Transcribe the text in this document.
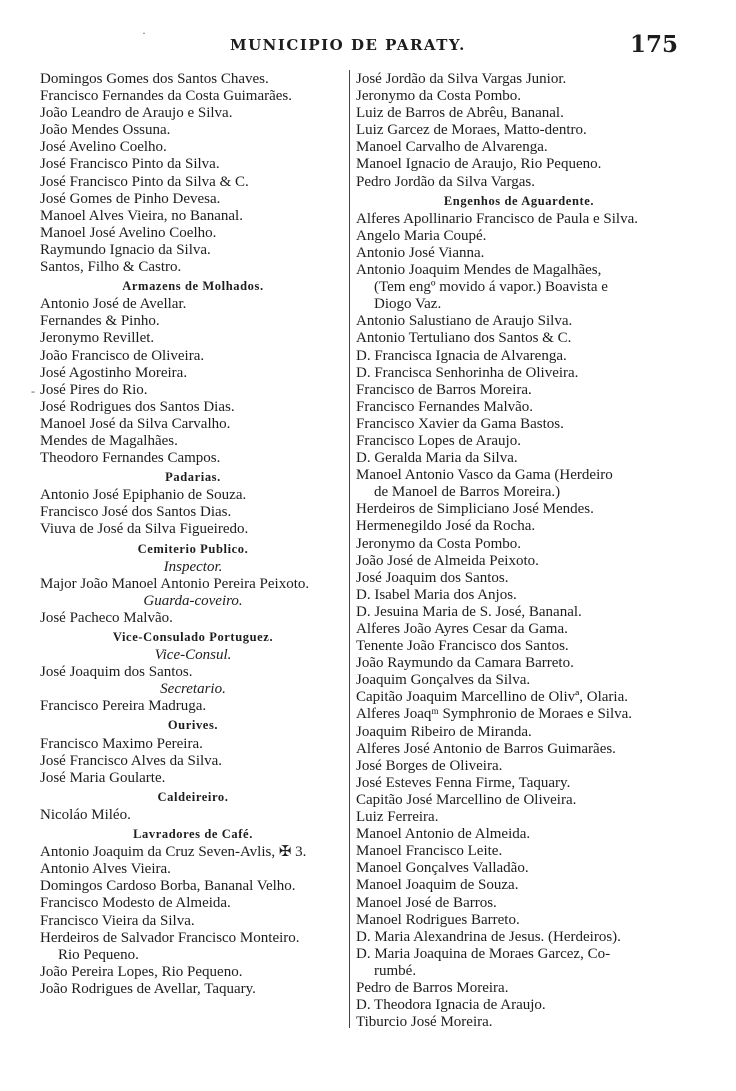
MUNICIPIO DE PARATY.	175
Domingos Gomes dos Santos Chaves.
Francisco Fernandes da Costa Guimarães.
João Leandro de Araujo e Silva.
João Mendes Ossuna.
José Avelino Coelho.
José Francisco Pinto da Silva.
José Francisco Pinto da Silva & C.
José Gomes de Pinho Devesa.
Manoel Alves Vieira, no Bananal.
Manoel José Avelino Coelho.
Raymundo Ignacio da Silva.
Santos, Filho & Castro.
Armazens de Molhados.
Antonio José de Avellar.
Fernandes & Pinho.
Jeronymo Revillet.
João Francisco de Oliveira.
José Agostinho Moreira.
José Pires do Rio.
José Rodrigues dos Santos Dias.
Manoel José da Silva Carvalho.
Mendes de Magalhães.
Theodoro Fernandes Campos.
Padarias.
Antonio José Epiphanio de Souza.
Francisco José dos Santos Dias.
Viuva de José da Silva Figueiredo.
Cemiterio Publico.
Inspector.
Major João Manoel Antonio Pereira Peixoto.
Guarda-coveiro.
José Pacheco Malvão.
Vice-Consulado Portuguez.
Vice-Consul.
José Joaquim dos Santos.
Secretario.
Francisco Pereira Madruga.
Ourives.
Francisco Maximo Pereira.
José Francisco Alves da Silva.
José Maria Goularte.
Caldeireiro.
Nicoláo Miléo.
Lavradores de Café.
Antonio Joaquim da Cruz Seven-Avlis, ✠ 3.
Antonio Alves Vieira.
Domingos Cardoso Borba, Bananal Velho.
Francisco Modesto de Almeida.
Francisco Vieira da Silva.
Herdeiros de Salvador Francisco Monteiro.
Rio Pequeno.
João Pereira Lopes, Rio Pequeno.
João Rodrigues de Avellar, Taquary.
José Jordão da Silva Vargas Junior.
Jeronymo da Costa Pombo.
Luiz de Barros de Abrêu, Bananal.
Luiz Garcez de Moraes, Matto-dentro.
Manoel Carvalho de Alvarenga.
Manoel Ignacio de Araujo, Rio Pequeno.
Pedro Jordão da Silva Vargas.
Engenhos de Aguardente.
Alferes Apollinario Francisco de Paula e Silva.
Angelo Maria Coupé.
Antonio José Vianna.
Antonio Joaquim Mendes de Magalhães,
(Tem engº movido á vapor.) Boavista e
Diogo Vaz.
Antonio Salustiano de Araujo Silva.
Antonio Tertuliano dos Santos & C.
D. Francisca Ignacia de Alvarenga.
D. Francisca Senhorinha de Oliveira.
Francisco de Barros Moreira.
Francisco Fernandes Malvão.
Francisco Xavier da Gama Bastos.
Francisco Lopes de Araujo.
D. Geralda Maria da Silva.
Manoel Antonio Vasco da Gama (Herdeiro
de Manoel de Barros Moreira.)
Herdeiros de Simpliciano José Mendes.
Hermenegildo José da Rocha.
Jeronymo da Costa Pombo.
João José de Almeida Peixoto.
José Joaquim dos Santos.
D. Isabel Maria dos Anjos.
D. Jesuina Maria de S. José, Bananal.
Alferes João Ayres Cesar da Gama.
Tenente João Francisco dos Santos.
João Raymundo da Camara Barreto.
Joaquim Gonçalves da Silva.
Capitão Joaquim Marcellino de Olivª, Olaria.
Alferes Joaqᵐ Symphronio de Moraes e Silva.
Joaquim Ribeiro de Miranda.
Alferes José Antonio de Barros Guimarães.
José Borges de Oliveira.
José Esteves Fenna Firme, Taquary.
Capitão José Marcellino de Oliveira.
Luiz Ferreira.
Manoel Antonio de Almeida.
Manoel Francisco Leite.
Manoel Gonçalves Valladão.
Manoel Joaquim de Souza.
Manoel José de Barros.
Manoel Rodrigues Barreto.
D. Maria Alexandrina de Jesus. (Herdeiros).
D. Maria Joaquina de Moraes Garcez, Co-
rumbé.
Pedro de Barros Moreira.
D. Theodora Ignacia de Araujo.
Tiburcio José Moreira.
·
-
